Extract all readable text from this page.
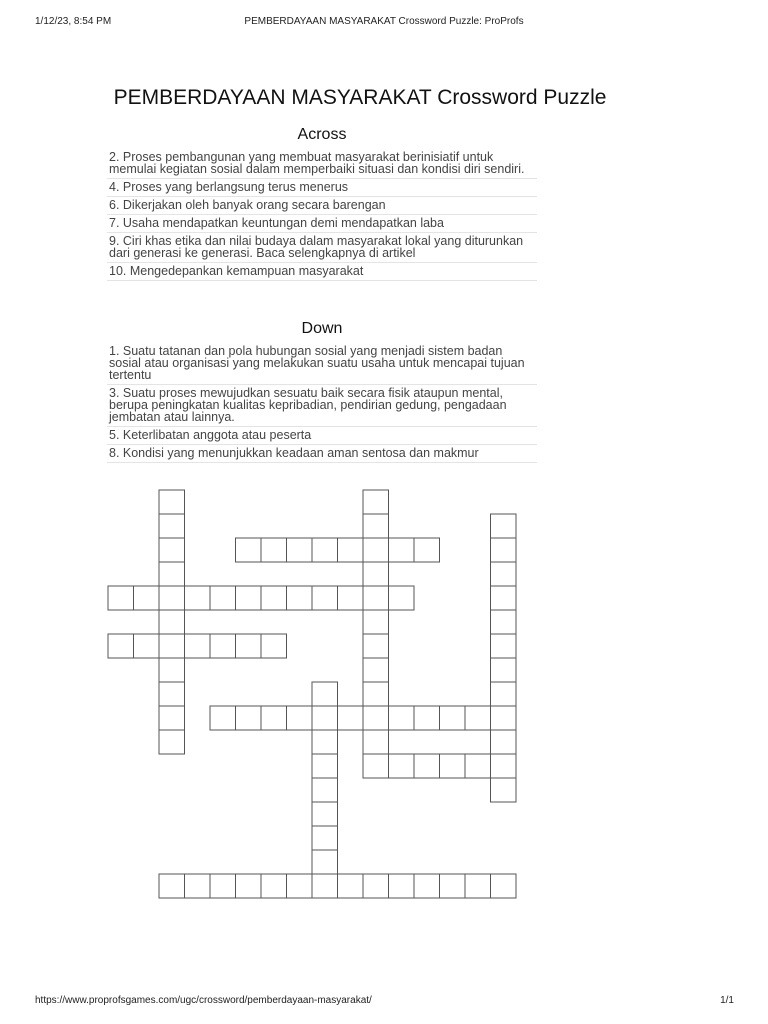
1/12/23, 8:54 PM	PEMBERDAYAAN MASYARAKAT Crossword Puzzle: ProProfs
PEMBERDAYAAN MASYARAKAT Crossword Puzzle
Across
2. Proses pembangunan yang membuat masyarakat berinisiatif untuk memulai kegiatan sosial dalam memperbaiki situasi dan kondisi diri sendiri.
4. Proses yang berlangsung terus menerus
6. Dikerjakan oleh banyak orang secara barengan
7. Usaha mendapatkan keuntungan demi mendapatkan laba
9. Ciri khas etika dan nilai budaya dalam masyarakat lokal yang diturunkan dari generasi ke generasi. Baca selengkapnya di artikel
10. Mengedepankan kemampuan masyarakat
Down
1. Suatu tatanan dan pola hubungan sosial yang menjadi sistem badan sosial atau organisasi yang melakukan suatu usaha untuk mencapai tujuan tertentu
3. Suatu proses mewujudkan sesuatu baik secara fisik ataupun mental, berupa peningkatan kualitas kepribadian, pendirian gedung, pengadaan jembatan atau lainnya.
5. Keterlibatan anggota atau peserta
8. Kondisi yang menunjukkan keadaan aman sentosa dan makmur
https://www.proprofsgames.com/ugc/crossword/pemberdayaan-masyarakat/	1/1
